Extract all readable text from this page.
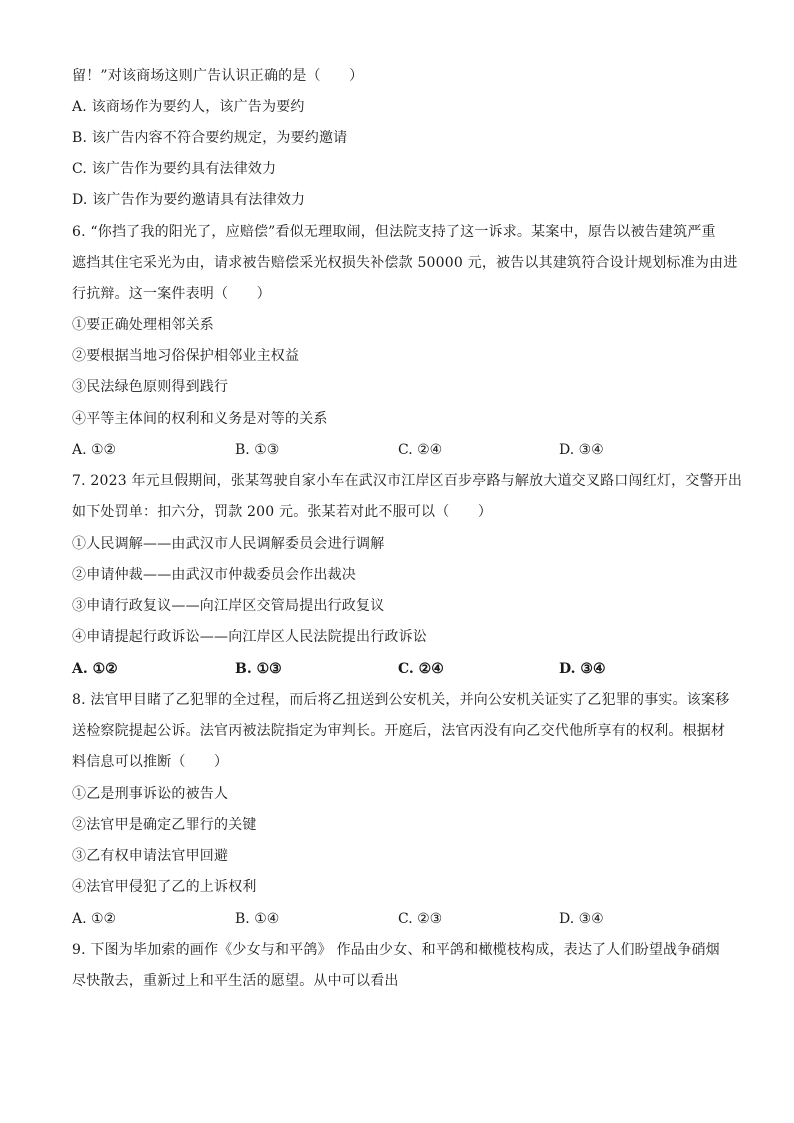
留！”对该商场这则广告认识正确的是（　　）
A. 该商场作为要约人，该广告为要约
B. 该广告内容不符合要约规定，为要约邀请
C. 该广告作为要约具有法律效力
D. 该广告作为要约邀请具有法律效力
6. “你挡了我的阳光了，应赔偿”看似无理取闹，但法院支持了这一诉求。某案中，原告以被告建筑严重
遮挡其住宅采光为由，请求被告赔偿采光权损失补偿款 50000 元，被告以其建筑符合设计规划标准为由进
行抗辩。这一案件表明（　　）
①要正确处理相邻关系
②要根据当地习俗保护相邻业主权益
③民法绿色原则得到践行
④平等主体间的权利和义务是对等的关系
A. ①②	B. ①③	C. ②④	D. ③④
7. 2023 年元旦假期间，张某驾驶自家小车在武汉市江岸区百步亭路与解放大道交叉路口闯红灯，交警开出
如下处罚单：扣六分，罚款 200 元。张某若对此不服可以（　　）
①人民调解——由武汉市人民调解委员会进行调解
②申请仲裁——由武汉市仲裁委员会作出裁决
③申请行政复议——向江岸区交管局提出行政复议
④申请提起行政诉讼——向江岸区人民法院提出行政诉讼
A. ①②	B. ①③	C. ②④	D. ③④
8. 法官甲目睹了乙犯罪的全过程，而后将乙扭送到公安机关，并向公安机关证实了乙犯罪的事实。该案移
送检察院提起公诉。法官丙被法院指定为审判长。开庭后，法官丙没有向乙交代他所享有的权利。根据材
料信息可以推断（　　）
①乙是刑事诉讼的被告人
②法官甲是确定乙罪行的关键
③乙有权申请法官甲回避
④法官甲侵犯了乙的上诉权利
A. ①②	B. ①④	C. ②③	D. ③④
9. 下图为毕加索的画作《少女与和平鸽》 作品由少女、和平鸽和橄榄枝构成，表达了人们盼望战争硝烟
尽快散去，重新过上和平生活的愿望。从中可以看出
